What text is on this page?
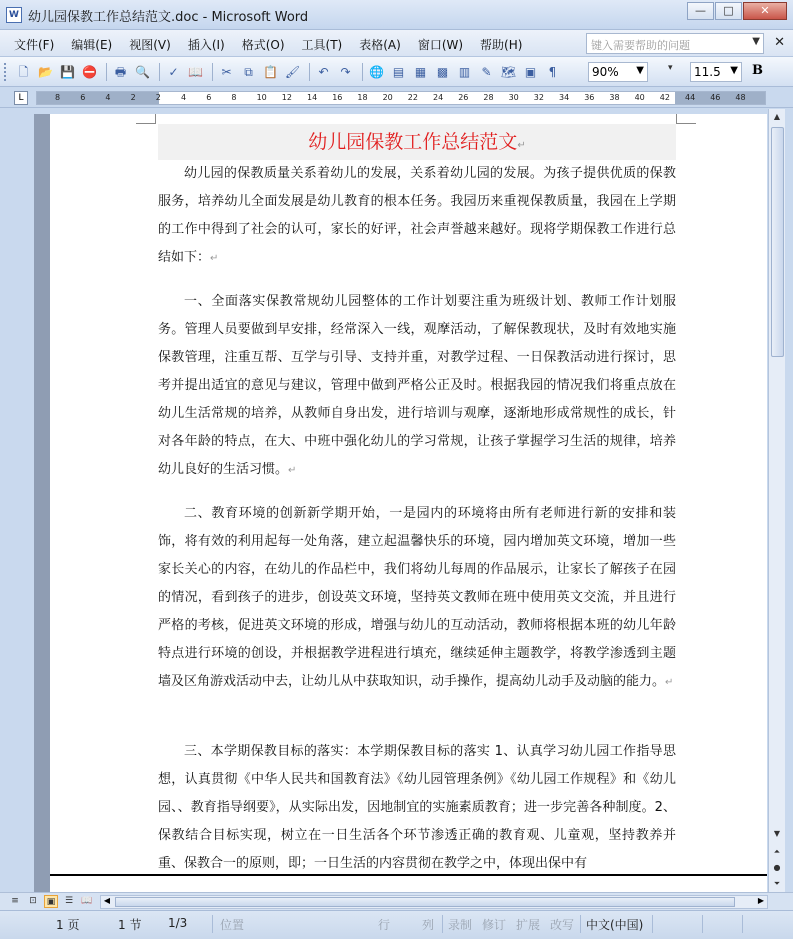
W 幼儿园保教工作总结范文.doc - Microsoft Word	—	□	✕
文件(F) 编辑(E) 视图(V) 插入(I) 格式(O) 工具(T) 表格(A) 窗口(W) 帮助(H)	键入需要帮助的问题	▼ ✕
🗋 📂 💾 ⛔	🖶 🔍	✓ 📖	✂	⧉ 📋 🖌	↶ ↷	🌐 ▤ ▦ ▩ ▥ ✎ 🗺 ▣	¶	90% ▼	▾	11.5 ▼ B
L	8	6	4	2	2	4	6	8	10 12 14 16 18 20 22 24 26 28 30 32 34 36 38 40 42 44 46 48
幼儿园保教工作总结范文↵
幼儿园的保教质量关系着幼儿的发展，关系着幼儿园的发展。为孩子提供优质的保教服务，培养幼儿全面发展是幼儿教育的根本任务。我园历来重视保教质量，我园在上学期的工作中得到了社会的认可，家长的好评，社会声誉越来越好。现将学期保教工作进行总结如下：↵
一、全面落实保教常规幼儿园整体的工作计划要注重为班级计划、教师工作计划服务。管理人员要做到早安排，经常深入一线，观摩活动，了解保教现状，及时有效地实施保教管理，注重互帮、互学与引导、支持并重，对教学过程、一日保教活动进行探讨，思考并提出适宜的意见与建议，管理中做到严格公正及时。根据我园的情况我们将重点放在幼儿生活常规的培养，从教师自身出发，进行培训与观摩，逐渐地形成常规性的成长，针对各年龄的特点，在大、中班中强化幼儿的学习常规，让孩子掌握学习生活的规律，培养幼儿良好的生活习惯。↵
二、教育环境的创新新学期开始，一是园内的环境将由所有老师进行新的安排和装饰，将有效的利用起每一处角落，建立起温馨快乐的环境，园内增加英文环境，增加一些家长关心的内容，在幼儿的作品栏中，我们将幼儿每周的作品展示，让家长了解孩子在园的情况，看到孩子的进步，创设英文环境，坚持英文教师在班中使用英文交流，并且进行严格的考核，促进英文环境的形成，增强与幼儿的互动活动，教师将根据本班的幼儿年龄特点进行环境的创设，并根据教学进程进行填充，继续延伸主题教学，将教学渗透到主题墙及区角游戏活动中去，让幼儿从中获取知识，动手操作，提高幼儿动手及动脑的能力。↵
三、本学期保教目标的落实：本学期保教目标的落实 1、认真学习幼儿园工作指导思想，认真贯彻《中华人民共和国教育法》《幼儿园管理条例》《幼儿园工作规程》和《幼儿园、、教育指导纲要》，从实际出发，因地制宜的实施素质教育；进一步完善各种制度。2、保教结合目标实现，树立在一日生活各个环节渗透正确的教育观、儿童观，坚持教养并重、保教合一的原则，即；一日生活的内容贯彻在教学之中，体现出保中有
▲
▼
⏶
●
⏷
≡	⊡	▣	☰ 📖	◀	▶
1 页	1 节 1/3	位置	行	列 录制 修订 扩展 改写 中文(中国)
